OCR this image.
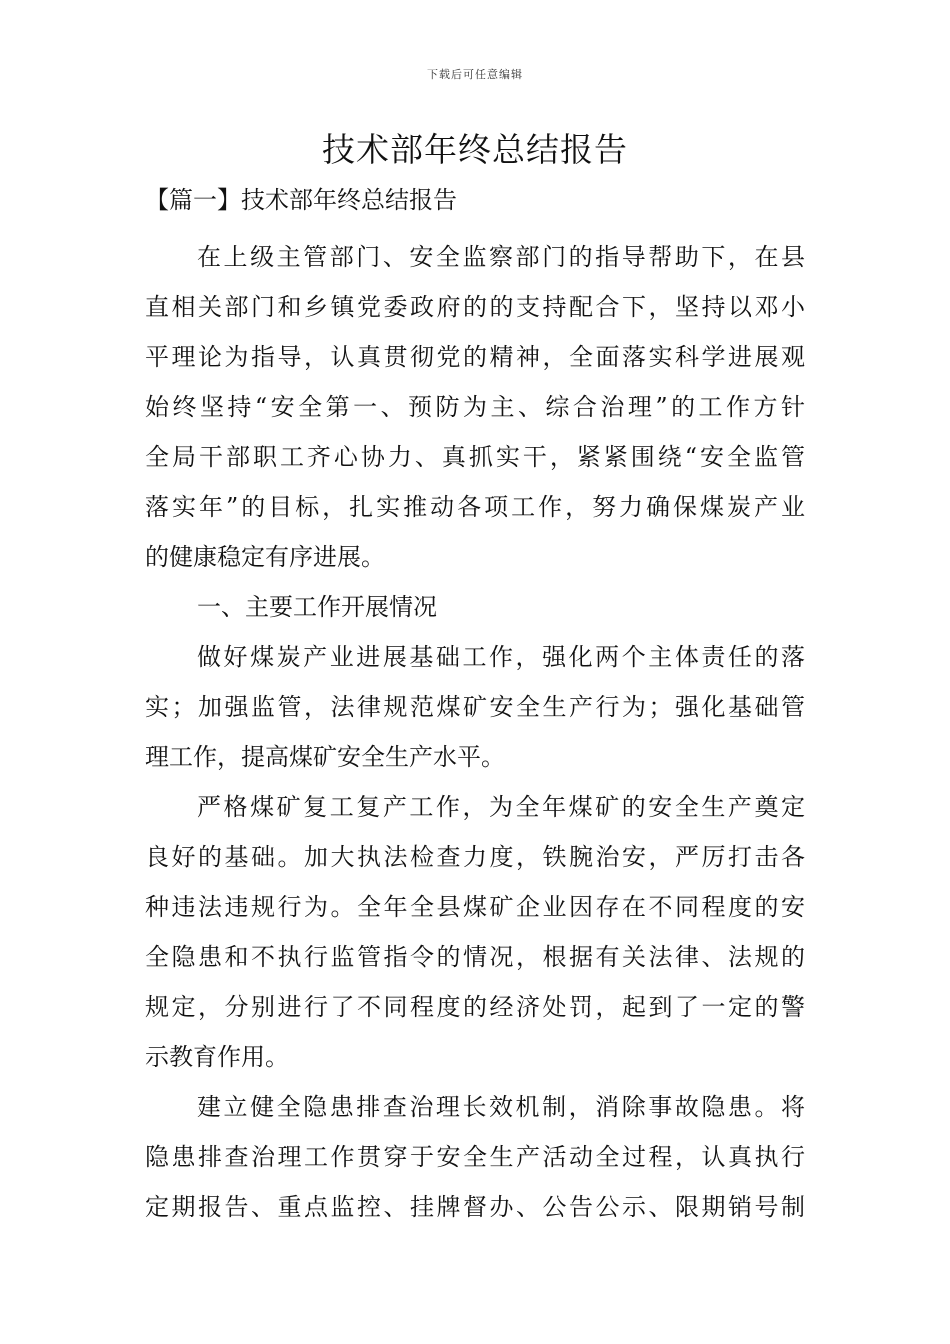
下载后可任意编辑
技术部年终总结报告
【篇一】技术部年终总结报告
在上级主管部门、安全监察部门的指导帮助下，在县
直相关部门和乡镇党委政府的的支持配合下，坚持以邓小
平理论为指导，认真贯彻党的精神，全面落实科学进展观
始终坚持“安全第一、预防为主、综合治理”的工作方针
全局干部职工齐心协力、真抓实干，紧紧围绕“安全监管
落实年”的目标，扎实推动各项工作，努力确保煤炭产业
的健康稳定有序进展。
一、主要工作开展情况
做好煤炭产业进展基础工作，强化两个主体责任的落
实；加强监管，法律规范煤矿安全生产行为；强化基础管
理工作，提高煤矿安全生产水平。
严格煤矿复工复产工作，为全年煤矿的安全生产奠定
良好的基础。加大执法检查力度，铁腕治安，严厉打击各
种违法违规行为。全年全县煤矿企业因存在不同程度的安
全隐患和不执行监管指令的情况，根据有关法律、法规的
规定，分别进行了不同程度的经济处罚，起到了一定的警
示教育作用。
建立健全隐患排查治理长效机制，消除事故隐患。将
隐患排查治理工作贯穿于安全生产活动全过程，认真执行
定期报告、重点监控、挂牌督办、公告公示、限期销号制
